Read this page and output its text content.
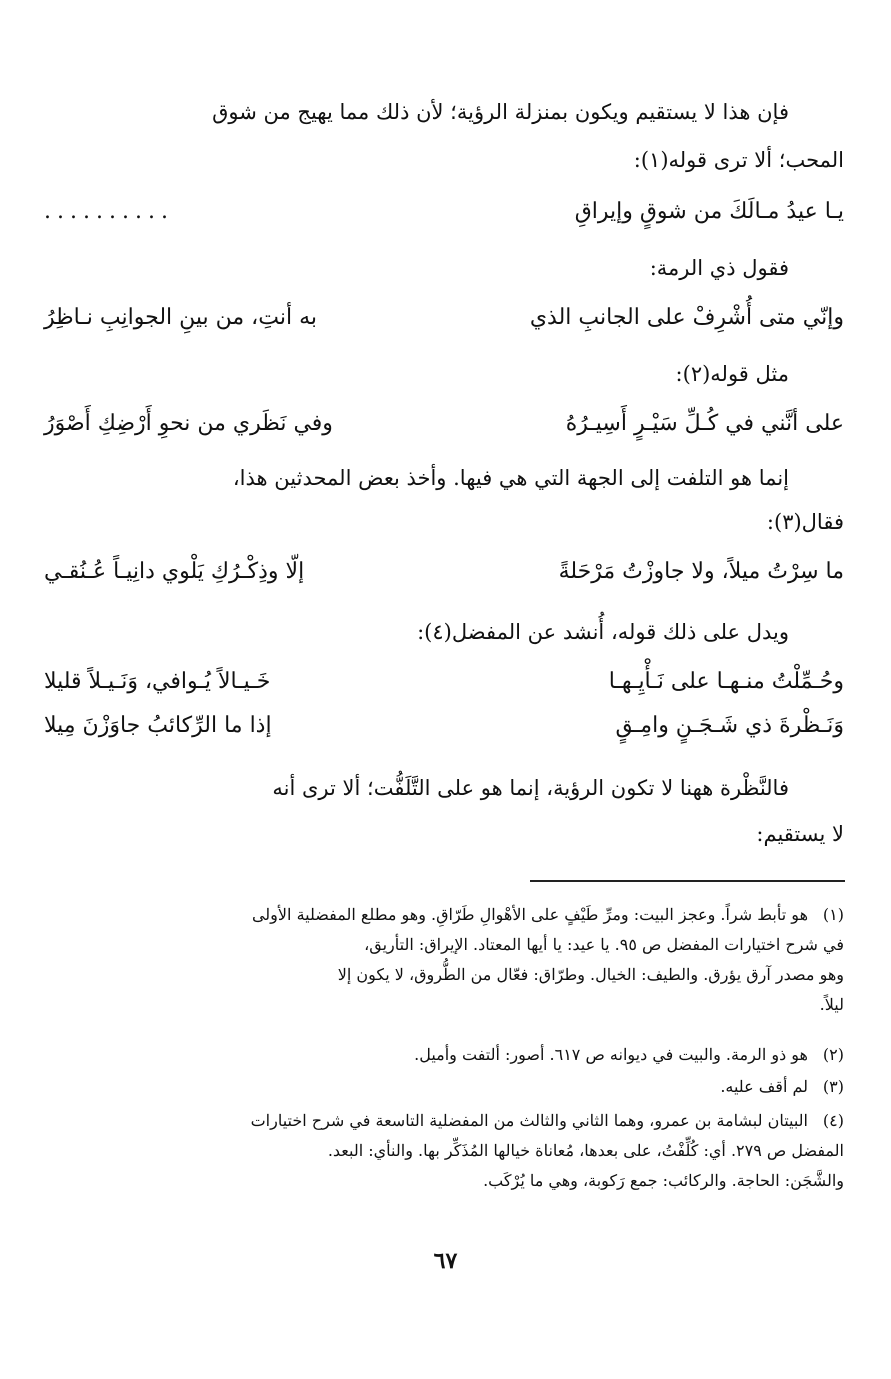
فإن هذا لا يستقيم ويكون بمنزلة الرؤية؛ لأن ذلك مما يهيج من شوق
المحب؛ ألا ترى قوله(١):
يـا عيدُ مـالَكَ من شوقٍ وإيراقِ
..........
فقول ذي الرمة:
وإنّي متى أُشْرِفْ على الجانبِ الذي
به أنتِ، من بينِ الجوانِبِ نـاظِرُ
مثل قوله(٢):
على أنَّني في كُـلِّ سَيْـرٍ أَسِيـرُهُ
وفي نَظَري من نحوِ أَرْضِكِ أَصْوَرُ
إنما هو التلفت إلى الجهة التي هي فيها. وأخذ بعض المحدثين هذا،
فقال(٣):
ما سِرْتُ ميلاً، ولا جاوزْتُ مَرْحَلةً
إلّا وذِكْـرُكِ يَلْوي دانِيـاً عُـنُقـي
ويدل على ذلك قوله، أُنشد عن المفضل(٤):
وحُـمِّلْتُ منـهـا على نَـأْيِـهـا
خَـيـالاً يُـوافي، وَنَـيـلاً قليلا
وَنَـظْرةَ ذي شَـجَـنٍ وامِـقٍ
إذا ما الرِّكائبُ جاوَزْنَ مِيلا
فالنَّظْرة ههنا لا تكون الرؤية، إنما هو على التَّلَفُّت؛ ألا ترى أنه
لا يستقيم:
(١)هو تأبط شراً. وعجز البيت: ومرِّ طَيْفٍ على الأهْوالِ طَرّاقِ. وهو مطلع المفضلية الأولى
في شرح اختيارات المفضل ص ٩٥. يا عيد: يا أيها المعتاد. الإيراق: التأريق،
وهو مصدر آرق يؤرق. والطيف: الخيال. وطرّاق: فعّال من الطُّروق، لا يكون إلا
ليلاً.
(٢)هو ذو الرمة. والبيت في ديوانه ص ٦١٧. أصور: ألتفت وأميل.
(٣)لم أقف عليه.
(٤)البيتان لبشامة بن عمرو، وهما الثاني والثالث من المفضلية التاسعة في شرح اختيارات
المفضل ص ٢٧٩. أي: كُلِّفْتُ، على بعدها، مُعاناة خيالها المُذَكِّر بها. والنأي: البعد.
والشَّجَن: الحاجة. والركائب: جمع رَكوبة، وهي ما يُرْكَب.
٦٧
